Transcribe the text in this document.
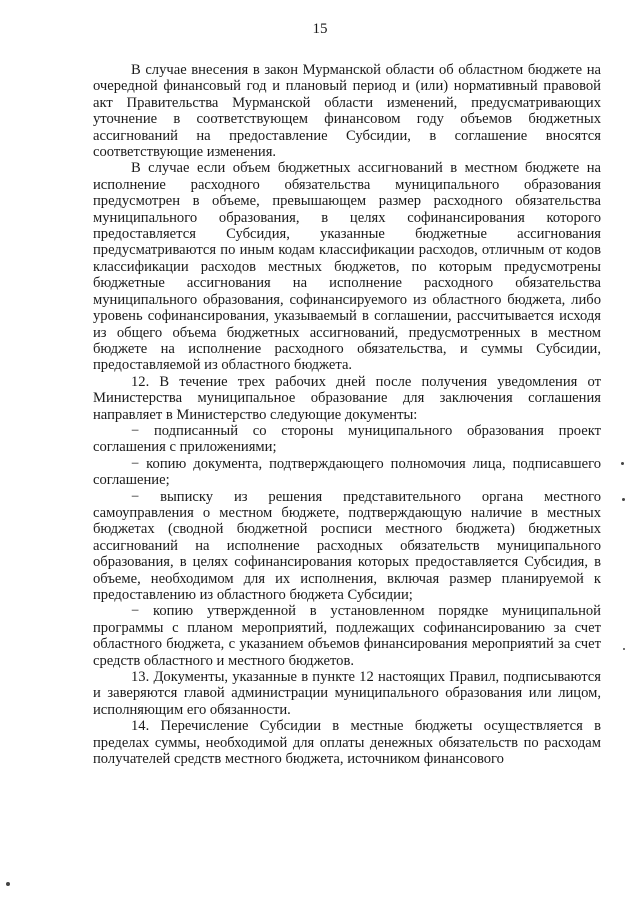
15

В случае внесения в закон Мурманской области об областном бюджете на очередной финансовый год и плановый период и (или) нормативный правовой акт Правительства Мурманской области изменений, предусматривающих уточнение в соответствующем финансовом году объемов бюджетных ассигнований на предоставление Субсидии, в соглашение вносятся соответствующие изменения.

В случае если объем бюджетных ассигнований в местном бюджете на исполнение расходного обязательства муниципального образования предусмотрен в объеме, превышающем размер расходного обязательства муниципального образования, в целях софинансирования которого предоставляется Субсидия, указанные бюджетные ассигнования предусматриваются по иным кодам классификации расходов, отличным от кодов классификации расходов местных бюджетов, по которым предусмотрены бюджетные ассигнования на исполнение расходного обязательства муниципального образования, софинансируемого из областного бюджета, либо уровень софинансирования, указываемый в соглашении, рассчитывается исходя из общего объема бюджетных ассигнований, предусмотренных в местном бюджете на исполнение расходного обязательства, и суммы Субсидии, предоставляемой из областного бюджета.

12. В течение трех рабочих дней после получения уведомления от Министерства муниципальное образование для заключения соглашения направляет в Министерство следующие документы:

− подписанный со стороны муниципального образования проект соглашения с приложениями;

− копию документа, подтверждающего полномочия лица, подписавшего соглашение;

− выписку из решения представительного органа местного самоуправления о местном бюджете, подтверждающую наличие в местных бюджетах (сводной бюджетной росписи местного бюджета) бюджетных ассигнований на исполнение расходных обязательств муниципального образования, в целях софинансирования которых предоставляется Субсидия, в объеме, необходимом для их исполнения, включая размер планируемой к предоставлению из областного бюджета Субсидии;

− копию утвержденной в установленном порядке муниципальной программы с планом мероприятий, подлежащих софинансированию за счет областного бюджета, с указанием объемов финансирования мероприятий за счет средств областного и местного бюджетов.

13. Документы, указанные в пункте 12 настоящих Правил, подписываются и заверяются главой администрации муниципального образования или лицом, исполняющим его обязанности.

14. Перечисление Субсидии в местные бюджеты осуществляется в пределах суммы, необходимой для оплаты денежных обязательств по расходам получателей средств местного бюджета, источником финансового
